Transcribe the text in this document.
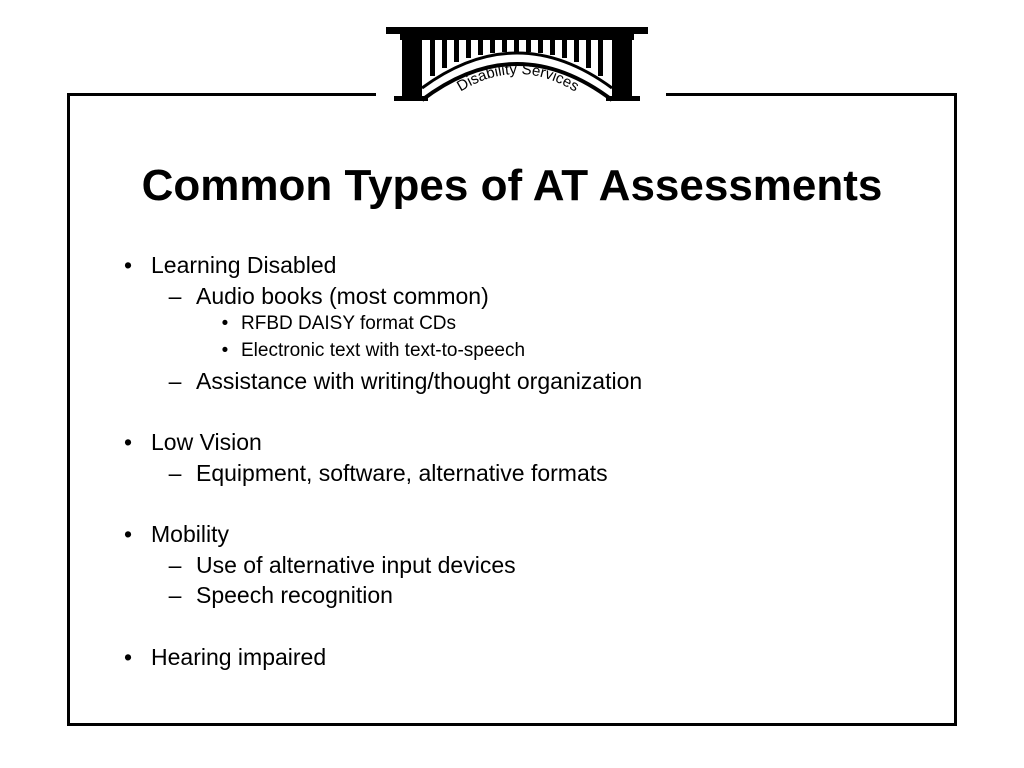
Disability Services
Common Types of AT Assessments
• Learning Disabled
– Audio books (most common)
• RFBD DAISY format CDs
• Electronic text with text-to-speech
– Assistance with writing/thought organization
• Low Vision
– Equipment, software, alternative formats
• Mobility
– Use of alternative input devices
– Speech recognition
• Hearing impaired
